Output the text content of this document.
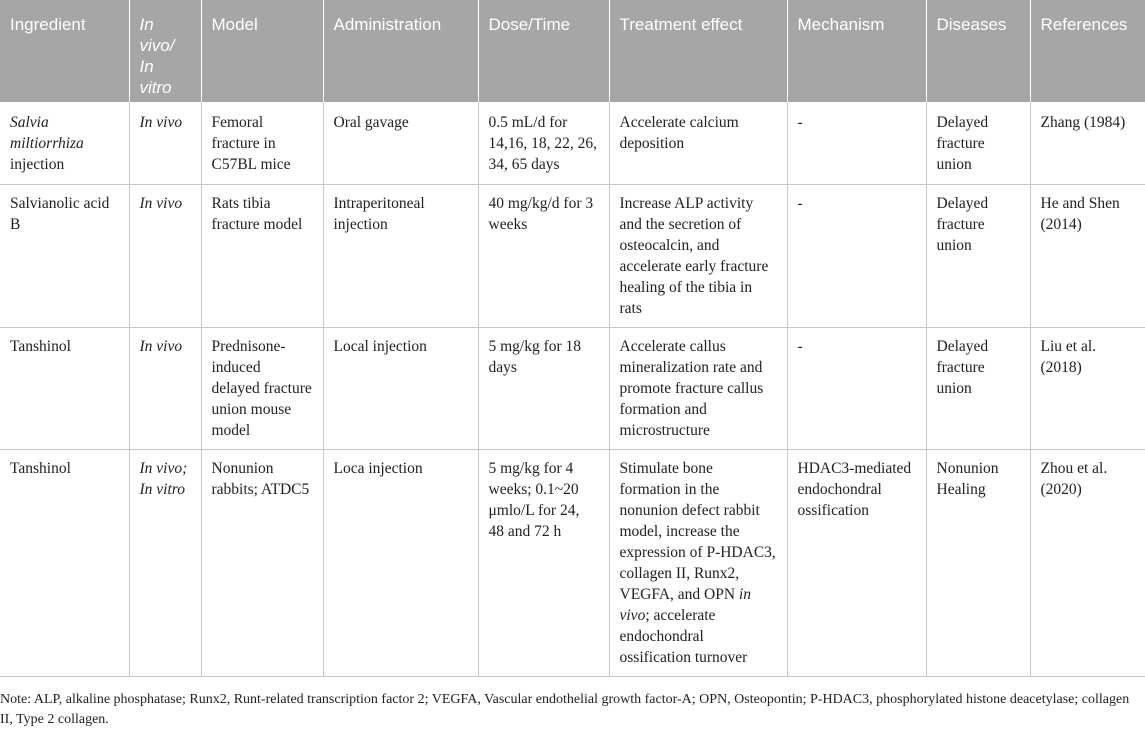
Ingredient	In vivo/ In vitro	Model	Administration	Dose/Time	Treatment effect	Mechanism	Diseases	References
Salvia miltiorrhiza injection	In vivo	Femoral fracture in C57BL mice	Oral gavage	0.5 mL/d for 14,16, 18, 22, 26, 34, 65 days	Accelerate calcium deposition	-	Delayed fracture union	Zhang (1984)
Salvianolic acid B	In vivo	Rats tibia fracture model	Intraperitoneal injection	40 mg/kg/d for 3 weeks	Increase ALP activity and the secretion of osteocalcin, and accelerate early fracture healing of the tibia in rats	-	Delayed fracture union	He and Shen (2014)
Tanshinol	In vivo	Prednisone-induced delayed fracture union mouse model	Local injection	5 mg/kg for 18 days	Accelerate callus mineralization rate and promote fracture callus formation and microstructure	-	Delayed fracture union	Liu et al. (2018)
Tanshinol	In vivo; In vitro	Nonunion rabbits; ATDC5	Loca injection	5 mg/kg for 4 weeks; 0.1~20 μmlo/L for 24, 48 and 72 h	Stimulate bone formation in the nonunion defect rabbit model, increase the expression of P-HDAC3, collagen II, Runx2, VEGFA, and OPN in vivo; accelerate endochondral ossification turnover	HDAC3-mediated endochondral ossification	Nonunion Healing	Zhou et al. (2020)
Note: ALP, alkaline phosphatase; Runx2, Runt-related transcription factor 2; VEGFA, Vascular endothelial growth factor-A; OPN, Osteopontin; P-HDAC3, phosphorylated histone deacetylase; collagen II, Type 2 collagen.
